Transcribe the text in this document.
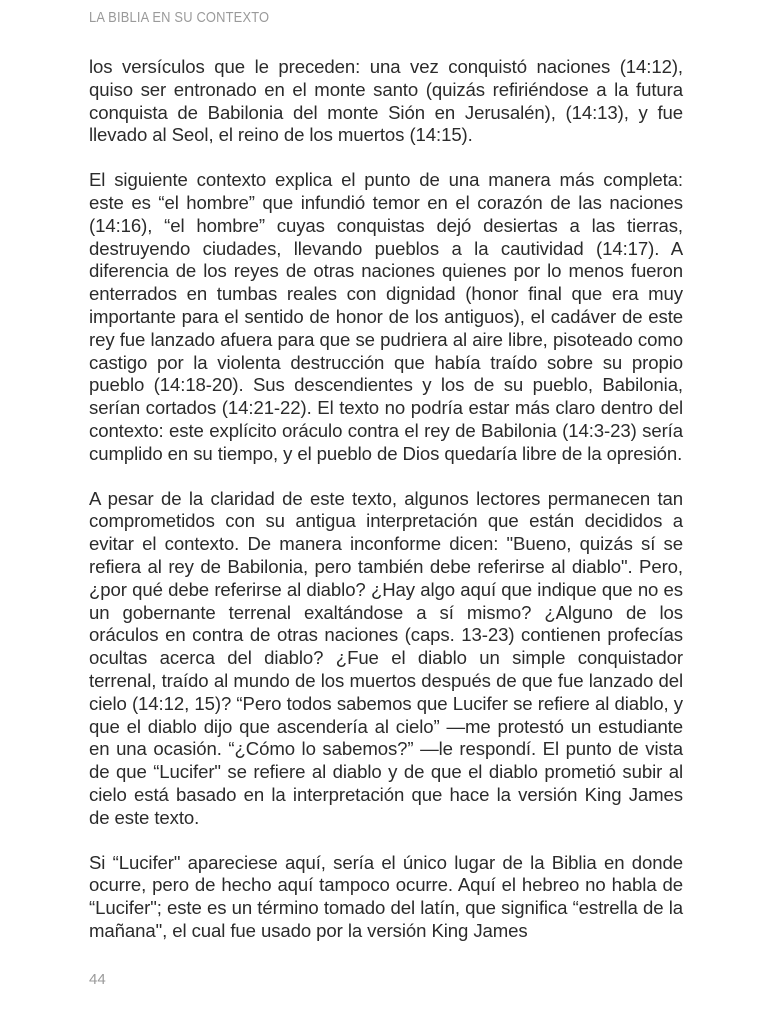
LA BIBLIA EN SU CONTEXTO

los versículos que le preceden: una vez conquistó naciones (14:12), quiso ser entronado en el monte santo (quizás refiriéndose a la futura conquista de Babilonia del monte Sión en Jerusalén), (14:13), y fue llevado al Seol, el reino de los muertos (14:15).

El siguiente contexto explica el punto de una manera más completa: este es “el hombre” que infundió temor en el corazón de las naciones (14:16), “el hombre” cuyas conquistas dejó desiertas a las tierras, destruyendo ciudades, llevando pueblos a la cautividad (14:17). A diferencia de los reyes de otras naciones quienes por lo menos fueron enterrados en tumbas reales con dignidad (honor final que era muy importante para el sentido de honor de los antiguos), el cadáver de este rey fue lanzado afuera para que se pudriera al aire libre, pisoteado como castigo por la violenta destrucción que había traído sobre su propio pueblo (14:18-20). Sus descendientes y los de su pueblo, Babilonia, serían cortados (14:21-22). El texto no podría estar más claro dentro del contexto: este explícito oráculo contra el rey de Babilonia (14:3-23) sería cumplido en su tiempo, y el pueblo de Dios quedaría libre de la opresión.

A pesar de la claridad de este texto, algunos lectores permanecen tan comprometidos con su antigua interpretación que están decididos a evitar el contexto. De manera inconforme dicen: "Bueno, quizás sí se refiera al rey de Babilonia, pero también debe referirse al diablo". Pero, ¿por qué debe referirse al diablo? ¿Hay algo aquí que indique que no es un gobernante terrenal exaltándose a sí mismo? ¿Alguno de los oráculos en contra de otras naciones (caps. 13-23) contienen profecías ocultas acerca del diablo? ¿Fue el diablo un simple conquistador terrenal, traído al mundo de los muertos después de que fue lanzado del cielo (14:12, 15)? “Pero todos sabemos que Lucifer se refiere al diablo, y que el diablo dijo que ascendería al cielo” —me protestó un estudiante en una ocasión. “¿Cómo lo sabemos?” —le respondí. El punto de vista de que “Lucifer" se refiere al diablo y de que el diablo prometió subir al cielo está basado en la interpretación que hace la versión King James de este texto.

Si “Lucifer" apareciese aquí, sería el único lugar de la Biblia en donde ocurre, pero de hecho aquí tampoco ocurre. Aquí el hebreo no habla de “Lucifer"; este es un término tomado del latín, que significa “estrella de la mañana", el cual fue usado por la versión King James

44
